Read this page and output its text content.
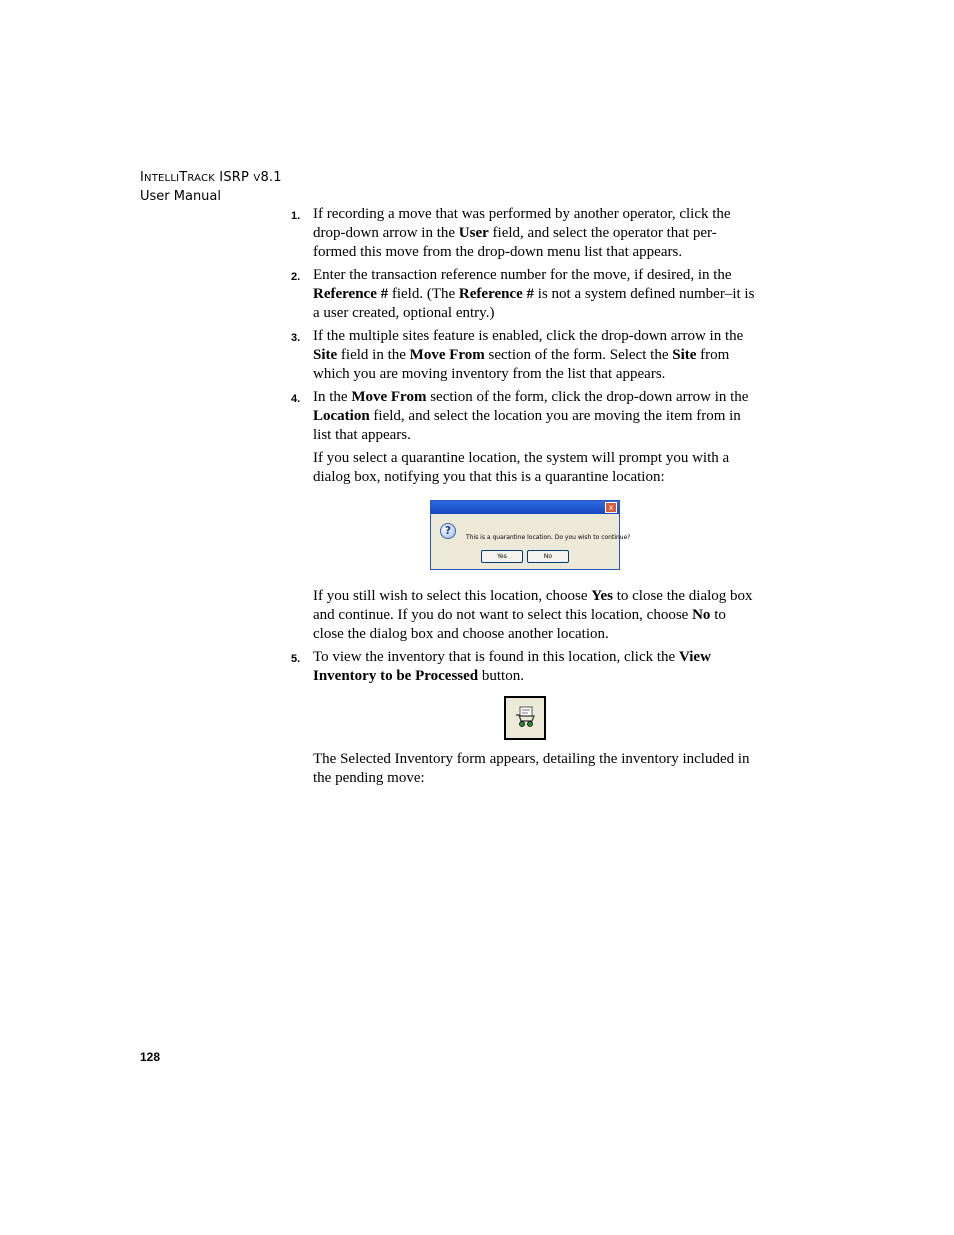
INTELLITRACK ISRP V8.1
User Manual
1. If recording a move that was performed by another operator, click the drop-down arrow in the User field, and select the operator that per-formed this move from the drop-down menu list that appears.
2. Enter the transaction reference number for the move, if desired, in the Reference # field. (The Reference # is not a system defined number–it is a user created, optional entry.)
3. If the multiple sites feature is enabled, click the drop-down arrow in the Site field in the Move From section of the form. Select the Site from which you are moving inventory from the list that appears.
4. In the Move From section of the form, click the drop-down arrow in the Location field, and select the location you are moving the item from in list that appears.
If you select a quarantine location, the system will prompt you with a dialog box, notifying you that this is a quarantine location:
x
?
This is a quarantine location. Do you wish to continue?
Yes	No
If you still wish to select this location, choose Yes to close the dialog box and continue. If you do not want to select this location, choose No to close the dialog box and choose another location.
5. To view the inventory that is found in this location, click the View Inventory to be Processed button.
The Selected Inventory form appears, detailing the inventory included in the pending move:
128
